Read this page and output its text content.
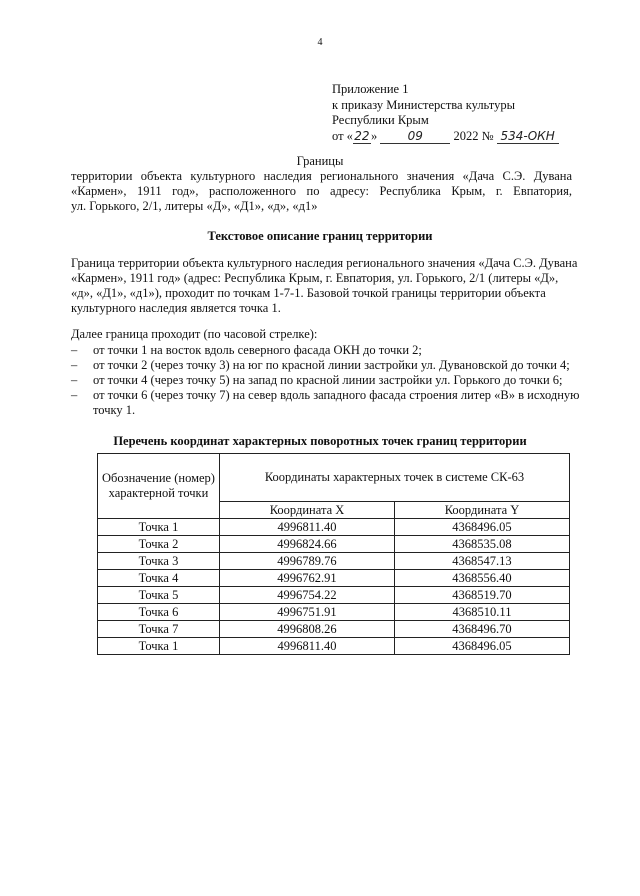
4
Приложение 1
к приказу Министерства культуры
Республики Крым
от «22» 09 2022 № 534-ОКН
Границы
территории объекта культурного наследия регионального значения «Дача С.Э. Дувана
«Кармен», 1911 год», расположенного по адресу: Республика Крым, г. Евпатория,
ул. Горького, 2/1, литеры «Д», «Д1», «д», «д1»
Текстовое описание границ территории
Граница территории объекта культурного наследия регионального значения «Дача С.Э. Дувана
«Кармен», 1911 год» (адрес: Республика Крым, г. Евпатория, ул. Горького, 2/1 (литеры «Д»,
«д», «Д1», «д1»), проходит по точкам 1-7-1. Базовой точкой границы территории объекта
культурного наследия является точка 1.
Далее граница проходит (по часовой стрелке):
– от точки 1 на восток вдоль северного фасада ОКН до точки 2;
– от точки 2 (через точку 3) на юг по красной линии застройки ул. Дувановской до точки 4;
– от точки 4 (через точку 5) на запад по красной линии застройки ул. Горького до точки 6;
– от точки 6 (через точку 7) на север вдоль западного фасада строения литер «В» в исходную точку 1.
Перечень координат характерных поворотных точек границ территории
Обозначение (номер) характерной точки	Координаты характерных точек в системе СК-63	
	Координата X	Координата Y
Точка 1	4996811.40	4368496.05
Точка 2	4996824.66	4368535.08
Точка 3	4996789.76	4368547.13
Точка 4	4996762.91	4368556.40
Точка 5	4996754.22	4368519.70
Точка 6	4996751.91	4368510.11
Точка 7	4996808.26	4368496.70
Точка 1	4996811.40	4368496.05
